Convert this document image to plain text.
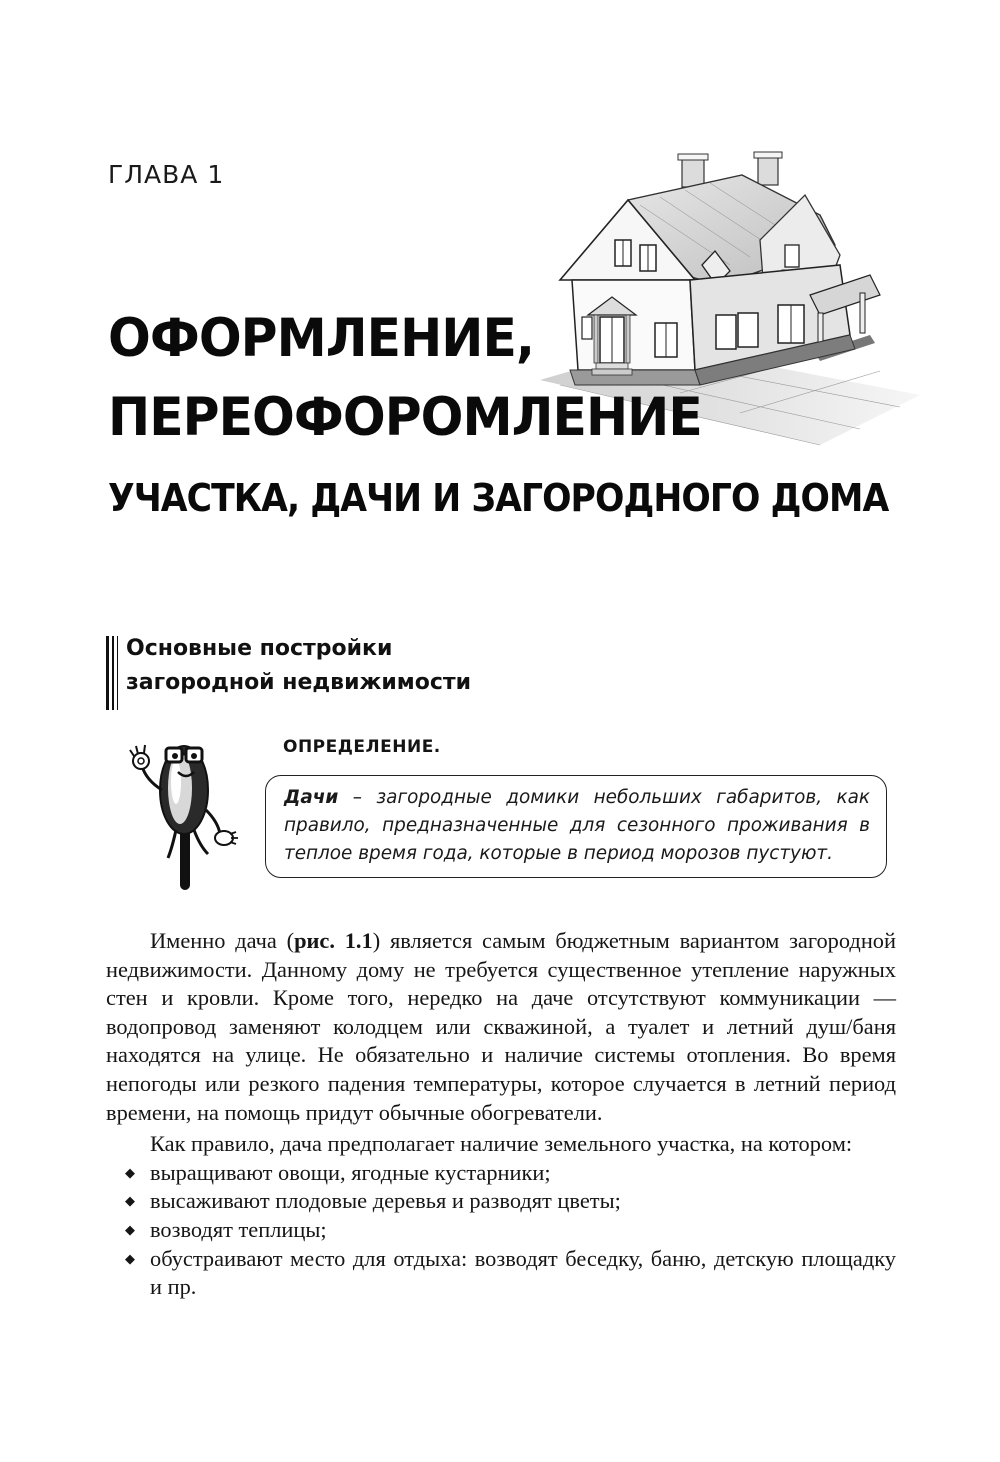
ГЛАВА 1
ОФОРМЛЕНИЕ,
ПЕРЕОФОРОМЛЕНИЕ
УЧАСТКА, ДАЧИ И ЗАГОРОДНОГО ДОМА
Основные постройки
загородной недвижимости
ОПРЕДЕЛЕНИЕ.
Дачи – загородные домики небольших габаритов, как правило, предназначенные для сезонного проживания в теплое время года, которые в период морозов пустуют.

Именно дача (рис. 1.1) является самым бюджетным вариантом загородной недвижимости. Данному дому не требуется существенное утепление наружных стен и кровли. Кроме того, нередко на даче отсутствуют коммуникации — водопровод заменяют колодцем или скважиной, а туалет и летний душ/баня находятся на улице. Не обязательно и наличие системы отопления. Во время непогоды или резкого падения температуры, которое случается в летний период времени, на помощь придут обычные обогреватели.

Как правило, дача предполагает наличие земельного участка, на котором:

◆
выращивают овощи, ягодные кустарники;
◆
высаживают плодовые деревья и разводят цветы;
◆
возводят теплицы;
◆
обустраивают место для отдыха: возводят беседку, баню, детскую площадку и пр.
